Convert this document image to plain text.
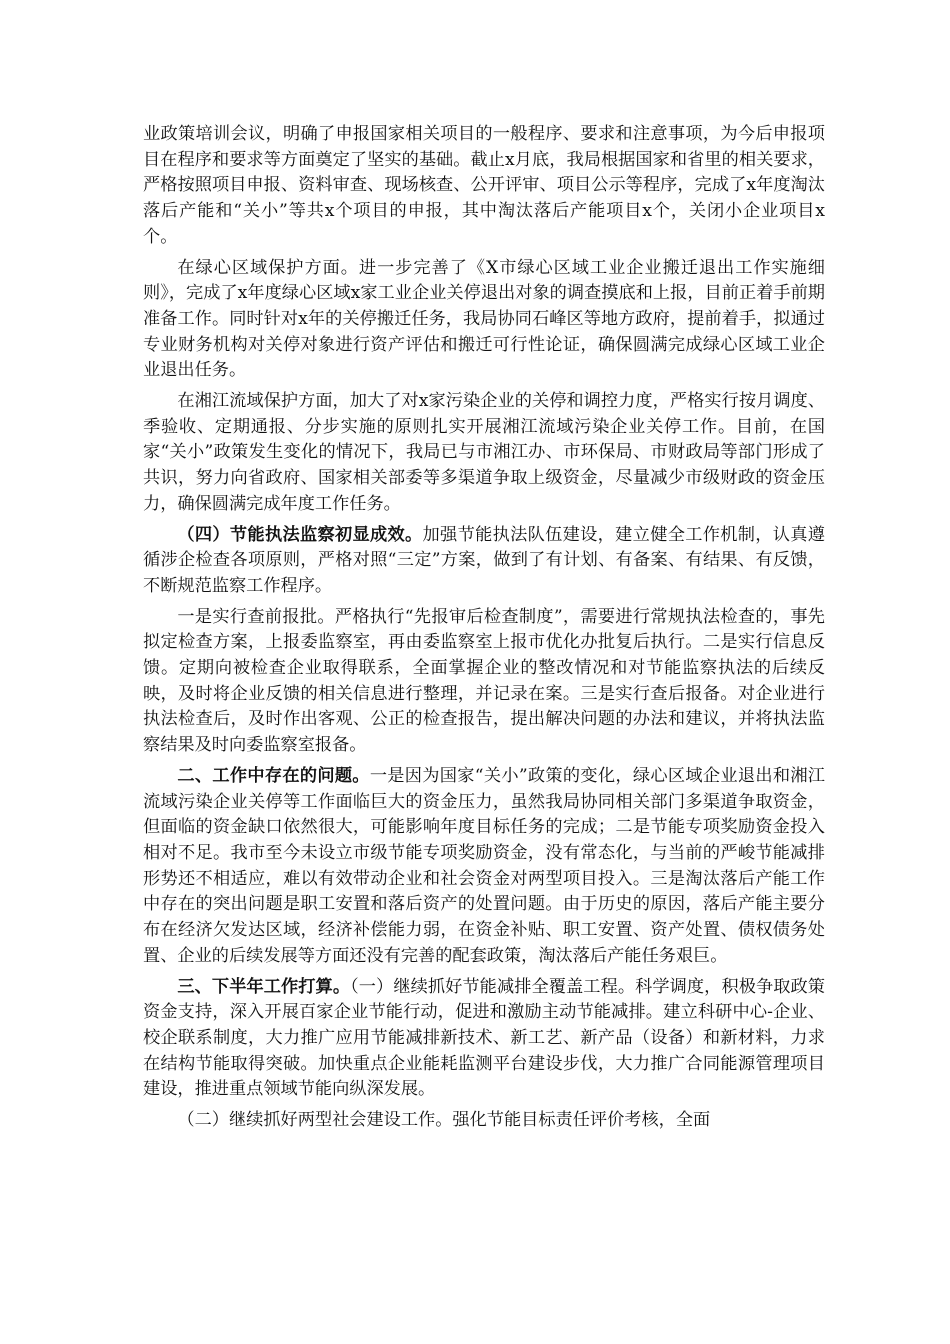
业政策培训会议，明确了申报国家相关项目的一般程序、要求和注意事项，为今后申报项目在程序和要求等方面奠定了坚实的基础。截止x月底，我局根据国家和省里的相关要求，严格按照项目申报、资料审查、现场核查、公开评审、项目公示等程序，完成了x年度淘汰落后产能和“关小”等共x个项目的申报，其中淘汰落后产能项目x个，关闭小企业项目x个。

在绿心区域保护方面。进一步完善了《X市绿心区域工业企业搬迁退出工作实施细则》，完成了x年度绿心区域x家工业企业关停退出对象的调查摸底和上报，目前正着手前期准备工作。同时针对x年的关停搬迁任务，我局协同石峰区等地方政府，提前着手，拟通过专业财务机构对关停对象进行资产评估和搬迁可行性论证，确保圆满完成绿心区域工业企业退出任务。

在湘江流域保护方面，加大了对x家污染企业的关停和调控力度，严格实行按月调度、季验收、定期通报、分步实施的原则扎实开展湘江流域污染企业关停工作。目前，在国家“关小”政策发生变化的情况下，我局已与市湘江办、市环保局、市财政局等部门形成了共识，努力向省政府、国家相关部委等多渠道争取上级资金，尽量减少市级财政的资金压力，确保圆满完成年度工作任务。

（四）节能执法监察初显成效。加强节能执法队伍建设，建立健全工作机制，认真遵循涉企检查各项原则，严格对照“三定”方案，做到了有计划、有备案、有结果、有反馈，不断规范监察工作程序。

一是实行查前报批。严格执行“先报审后检查制度”，需要进行常规执法检查的，事先拟定检查方案，上报委监察室，再由委监察室上报市优化办批复后执行。二是实行信息反馈。定期向被检查企业取得联系，全面掌握企业的整改情况和对节能监察执法的后续反映，及时将企业反馈的相关信息进行整理，并记录在案。三是实行查后报备。对企业进行执法检查后，及时作出客观、公正的检查报告，提出解决问题的办法和建议，并将执法监察结果及时向委监察室报备。

二、工作中存在的问题。一是因为国家“关小”政策的变化，绿心区域企业退出和湘江流域污染企业关停等工作面临巨大的资金压力，虽然我局协同相关部门多渠道争取资金，但面临的资金缺口依然很大，可能影响年度目标任务的完成；二是节能专项奖励资金投入相对不足。我市至今未设立市级节能专项奖励资金，没有常态化，与当前的严峻节能减排形势还不相适应，难以有效带动企业和社会资金对两型项目投入。三是淘汰落后产能工作中存在的突出问题是职工安置和落后资产的处置问题。由于历史的原因，落后产能主要分布在经济欠发达区域，经济补偿能力弱，在资金补贴、职工安置、资产处置、债权债务处置、企业的后续发展等方面还没有完善的配套政策，淘汰落后产能任务艰巨。

三、下半年工作打算。（一）继续抓好节能减排全覆盖工程。科学调度，积极争取政策资金支持，深入开展百家企业节能行动，促进和激励主动节能减排。建立科研中心-企业、校企联系制度，大力推广应用节能减排新技术、新工艺、新产品（设备）和新材料，力求在结构节能取得突破。加快重点企业能耗监测平台建设步伐，大力推广合同能源管理项目建设，推进重点领域节能向纵深发展。

（二）继续抓好两型社会建设工作。强化节能目标责任评价考核，全面
